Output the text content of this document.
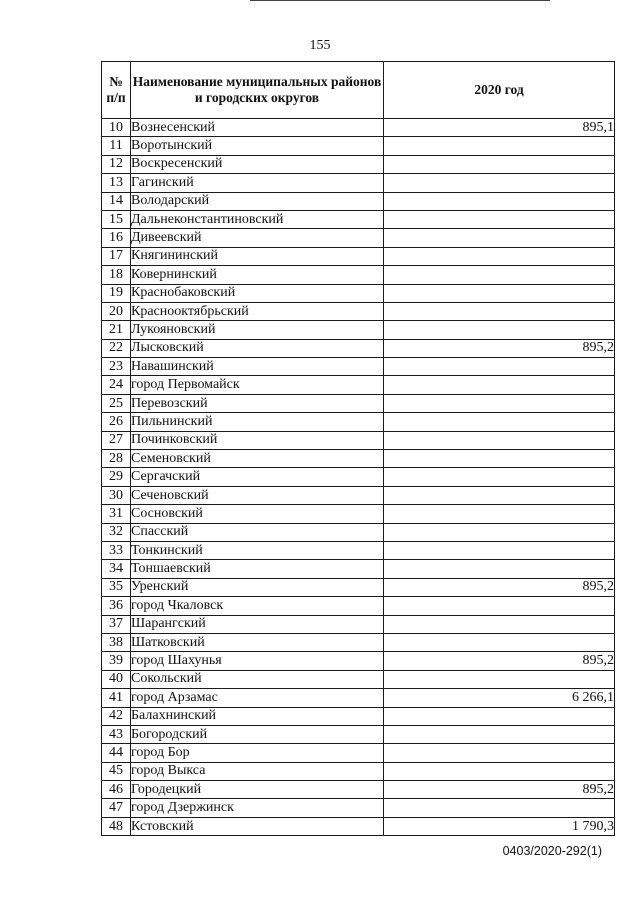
155
№ п/п	Наименование муниципальных районов и городских округов	2020 год
10	Вознесенский	895,1
11	Воротынский	
12	Воскресенский	
13	Гагинский	
14	Володарский	
15	Дальнеконстантиновский	
16	Дивеевский	
17	Княгининский	
18	Ковернинский	
19	Краснобаковский	
20	Краснооктябрьский	
21	Лукояновский	
22	Лысковский	895,2
23	Навашинский	
24	город Первомайск	
25	Перевозский	
26	Пильнинский	
27	Починковский	
28	Семеновский	
29	Сергачский	
30	Сеченовский	
31	Сосновский	
32	Спасский	
33	Тонкинский	
34	Тоншаевский	
35	Уренский	895,2
36	город Чкаловск	
37	Шарангский	
38	Шатковский	
39	город Шахунья	895,2
40	Сокольский	
41	город Арзамас	6 266,1
42	Балахнинский	
43	Богородский	
44	город Бор	
45	город Выкса	
46	Городецкий	895,2
47	город Дзержинск	
48	Кстовский	1 790,3
0403/2020-292(1)
